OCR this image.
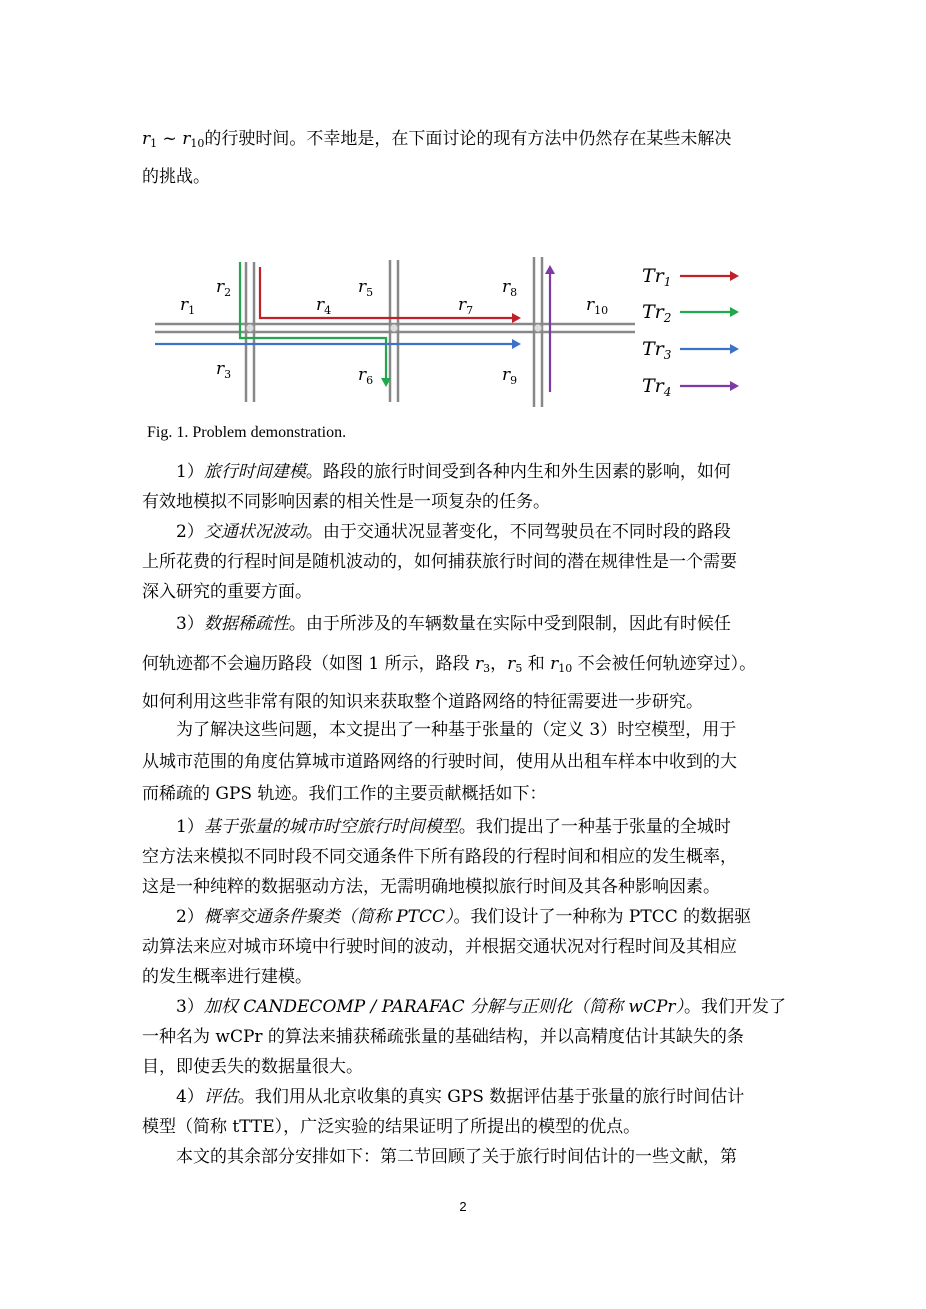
$r_1$ ~ $r_{10}$的行驶时间。不幸地是，在下面讨论的现有方法中仍然存在某些未解决
的挑战。
$r_1$
$r_2$
$r_3$
$r_4$
$r_5$
$r_6$
$r_7$
$r_8$
$r_9$
$r_{10}$
$Tr_1$
$Tr_2$
$Tr_3$
$Tr_4$
Fig. 1. Problem demonstration.
1）旅行时间建模。路段的旅行时间受到各种内生和外生因素的影响，如何
有效地模拟不同影响因素的相关性是一项复杂的任务。
2）交通状况波动。由于交通状况显著变化，不同驾驶员在不同时段的路段
上所花费的行程时间是随机波动的，如何捕获旅行时间的潜在规律性是一个需要
深入研究的重要方面。
3）数据稀疏性。由于所涉及的车辆数量在实际中受到限制，因此有时候任
何轨迹都不会遍历路段（如图 1 所示，路段 $r_3$，$r_5$ 和 $r_{10}$ 不会被任何轨迹穿过）。
如何利用这些非常有限的知识来获取整个道路网络的特征需要进一步研究。
为了解决这些问题，本文提出了一种基于张量的（定义 3）时空模型，用于
从城市范围的角度估算城市道路网络的行驶时间，使用从出租车样本中收到的大
而稀疏的 GPS 轨迹。我们工作的主要贡献概括如下：
1）基于张量的城市时空旅行时间模型。我们提出了一种基于张量的全城时
空方法来模拟不同时段不同交通条件下所有路段的行程时间和相应的发生概率，
这是一种纯粹的数据驱动方法，无需明确地模拟旅行时间及其各种影响因素。
2）概率交通条件聚类（简称 PTCC）。我们设计了一种称为 PTCC 的数据驱
动算法来应对城市环境中行驶时间的波动，并根据交通状况对行程时间及其相应
的发生概率进行建模。
3）加权 CANDECOMP / PARAFAC 分解与正则化（简称 wCPr）。我们开发了
一种名为 wCPr 的算法来捕获稀疏张量的基础结构，并以高精度估计其缺失的条
目，即使丢失的数据量很大。
4）评估。我们用从北京收集的真实 GPS 数据评估基于张量的旅行时间估计
模型（简称 tTTE），广泛实验的结果证明了所提出的模型的优点。
本文的其余部分安排如下：第二节回顾了关于旅行时间估计的一些文献，第
2
